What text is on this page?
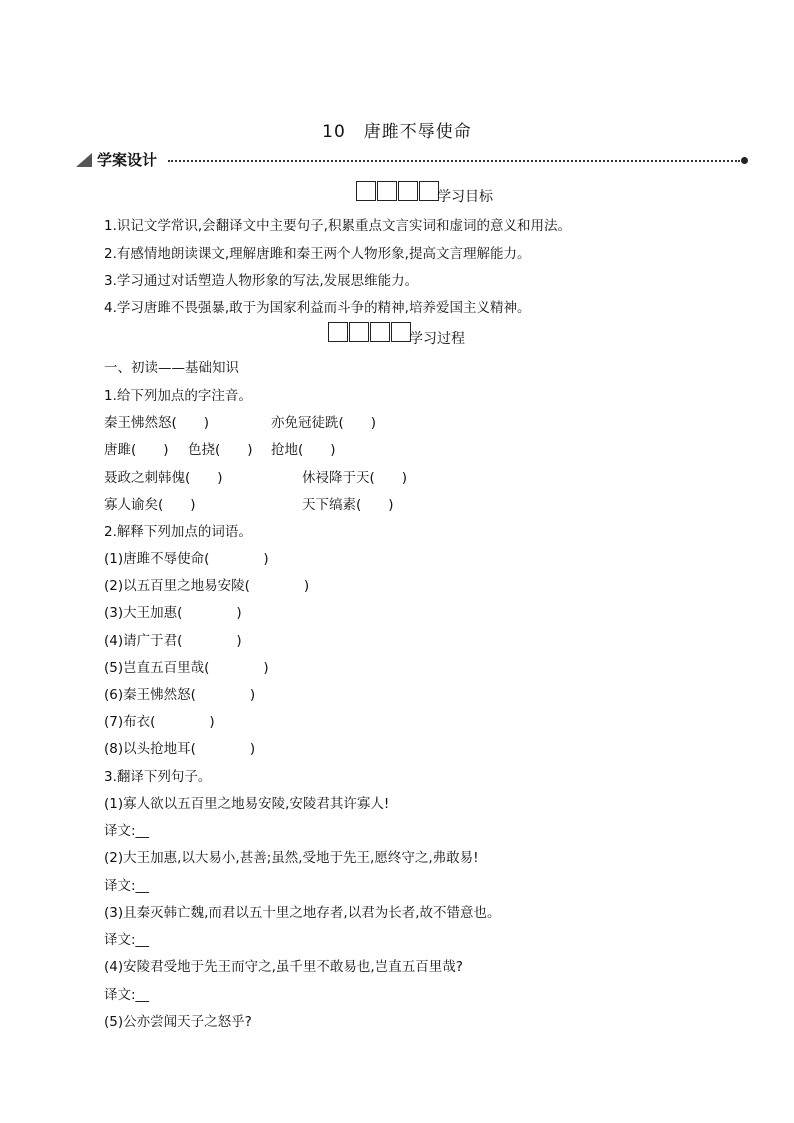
10　唐雎不辱使命
学案设计
学习目标
1.识记文学常识,会翻译文中主要句子,积累重点文言实词和虚词的意义和用法。
2.有感情地朗读课文,理解唐雎和秦王两个人物形象,提高文言理解能力。
3.学习通过对话塑造人物形象的写法,发展思维能力。
4.学习唐雎不畏强暴,敢于为国家利益而斗争的精神,培养爱国主义精神。
学习过程
一、初读——基础知识
1.给下列加点的字注音。
秦王怫然怒(　　)	亦免冠徒跣(　　)
唐雎(　　) 色挠(　　) 抢地(　　)
聂政之刺韩傀(　　)	休祲降于天(　　)
寡人谕矣(　　)	天下缟素(　　)
2.解释下列加点的词语。
(1)唐雎不辱使命(　　　　)
(2)以五百里之地易安陵(　　　　)
(3)大王加惠(　　　　)
(4)请广于君(　　　　)
(5)岂直五百里哉(　　　　)
(6)秦王怫然怒(　　　　)
(7)布衣(　　　　)
(8)以头抢地耳(　　　　)
3.翻译下列句子。
(1)寡人欲以五百里之地易安陵,安陵君其许寡人!
译文:__
(2)大王加惠,以大易小,甚善;虽然,受地于先王,愿终守之,弗敢易!
译文:__
(3)且秦灭韩亡魏,而君以五十里之地存者,以君为长者,故不错意也。
译文:__
(4)安陵君受地于先王而守之,虽千里不敢易也,岂直五百里哉?
译文:__
(5)公亦尝闻天子之怒乎?
